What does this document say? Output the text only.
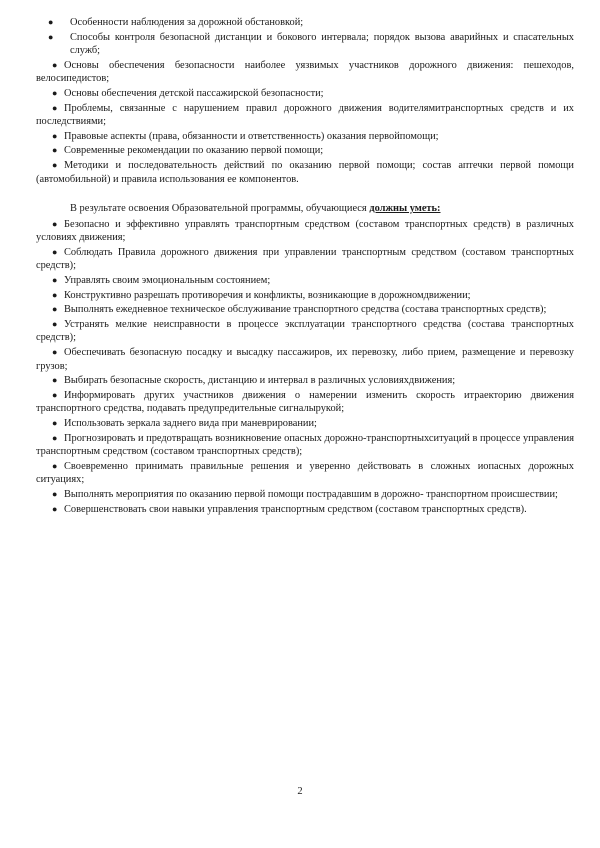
●	Особенности наблюдения за дорожной обстановкой;
●	Способы контроля безопасной дистанции и бокового интервала; порядок вызова аварийных и спасательных служб;
● Основы обеспечения безопасности наиболее уязвимых участников дорожного движения: пешеходов, велосипедистов;
● Основы обеспечения детской пассажирской безопасности;
● Проблемы, связанные с нарушением правил дорожного движения водителямитранспортных средств и их последствиями;
● Правовые аспекты (права, обязанности и ответственность) оказания первойпомощи;
● Современные рекомендации по оказанию первой помощи;
● Методики и последовательность действий по оказанию первой помощи; состав аптечки первой помощи (автомобильной) и правила использования ее компонентов.

В результате освоения Образовательной программы, обучающиеся должны уметь:

● Безопасно и эффективно управлять транспортным средством (составом транспортных средств) в различных условиях движения;
● Соблюдать Правила дорожного движения при управлении транспортным средством (составом транспортных средств);
● Управлять своим эмоциональным состоянием;
● Конструктивно разрешать противоречия и конфликты, возникающие в дорожномдвижении;
● Выполнять ежедневное техническое обслуживание транспортного средства (состава транспортных средств);
● Устранять мелкие неисправности в процессе эксплуатации транспортного средства (состава транспортных средств);
● Обеспечивать безопасную посадку и высадку пассажиров, их перевозку, либо прием, размещение и перевозку грузов;
● Выбирать безопасные скорость, дистанцию и интервал в различных условияхдвижения;
● Информировать других участников движения о намерении изменить скорость итраекторию движения транспортного средства, подавать предупредительные сигналырукой;
● Использовать зеркала заднего вида при маневрировании;
● Прогнозировать и предотвращать возникновение опасных дорожно-транспортныхситуаций в процессе управления транспортным средством (составом транспортных средств);
● Своевременно принимать правильные решения и уверенно действовать в сложных иопасных дорожных ситуациях;
● Выполнять мероприятия по оказанию первой помощи пострадавшим в дорожно- транспортном происшествии;
● Совершенствовать свои навыки управления транспортным средством (составом транспортных средств).
2
